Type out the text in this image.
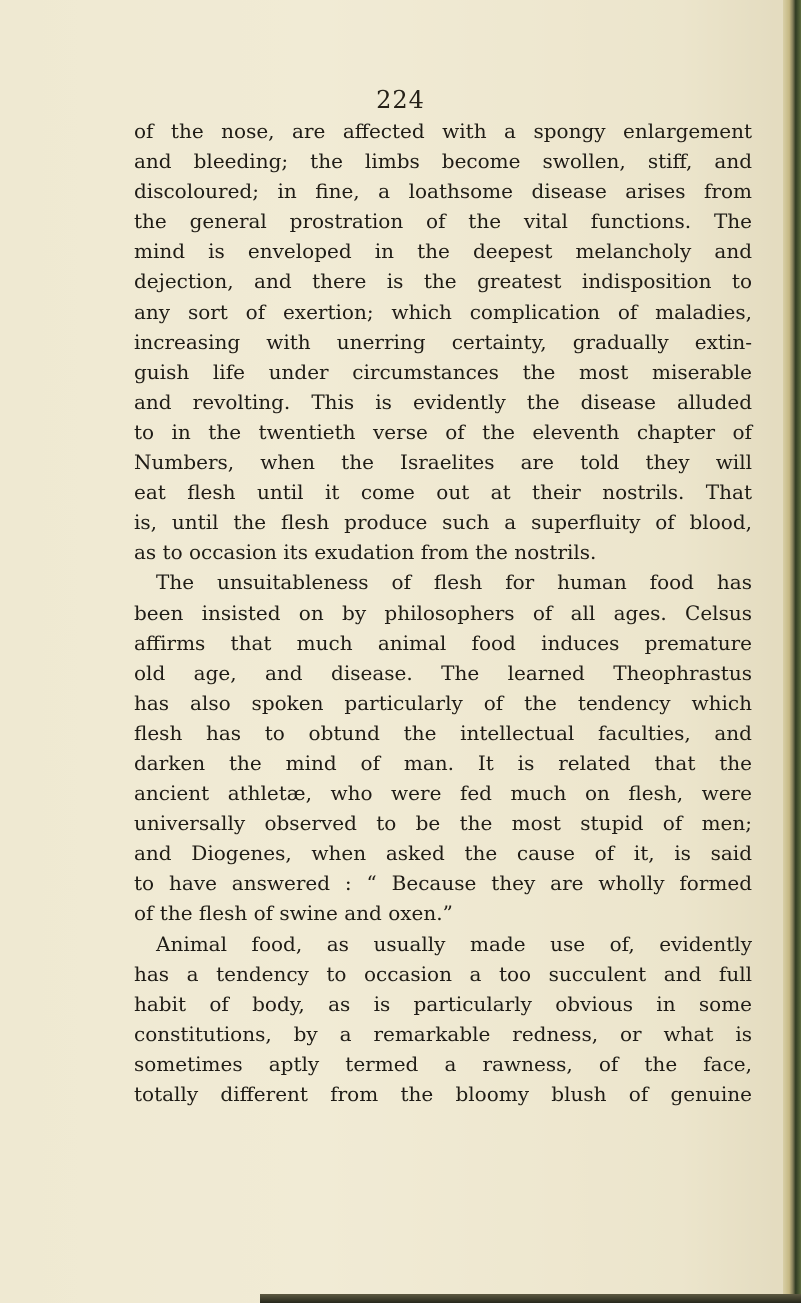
224
of the nose, are affected with a spongy enlargement
and bleeding; the limbs become swollen, stiff, and
discoloured; in fine, a loathsome disease arises from
the general prostration of the vital functions. The
mind is enveloped in the deepest melancholy and
dejection, and there is the greatest indisposition to
any sort of exertion; which complication of maladies,
increasing with unerring certainty, gradually extin-
guish life under circumstances the most miserable
and revolting. This is evidently the disease alluded
to in the twentieth verse of the eleventh chapter of
Numbers, when the Israelites are told they will
eat flesh until it come out at their nostrils. That
is, until the flesh produce such a superfluity of blood,
as to occasion its exudation from the nostrils.
The unsuitableness of flesh for human food has
been insisted on by philosophers of all ages. Celsus
affirms that much animal food induces premature
old age, and disease. The learned Theophrastus
has also spoken particularly of the tendency which
flesh has to obtund the intellectual faculties, and
darken the mind of man. It is related that the
ancient athletæ, who were fed much on flesh, were
universally observed to be the most stupid of men;
and Diogenes, when asked the cause of it, is said
to have answered : “ Because they are wholly formed
of the flesh of swine and oxen.”
Animal food, as usually made use of, evidently
has a tendency to occasion a too succulent and full
habit of body, as is particularly obvious in some
constitutions, by a remarkable redness, or what is
sometimes aptly termed a rawness, of the face,
totally different from the bloomy blush of genuine
